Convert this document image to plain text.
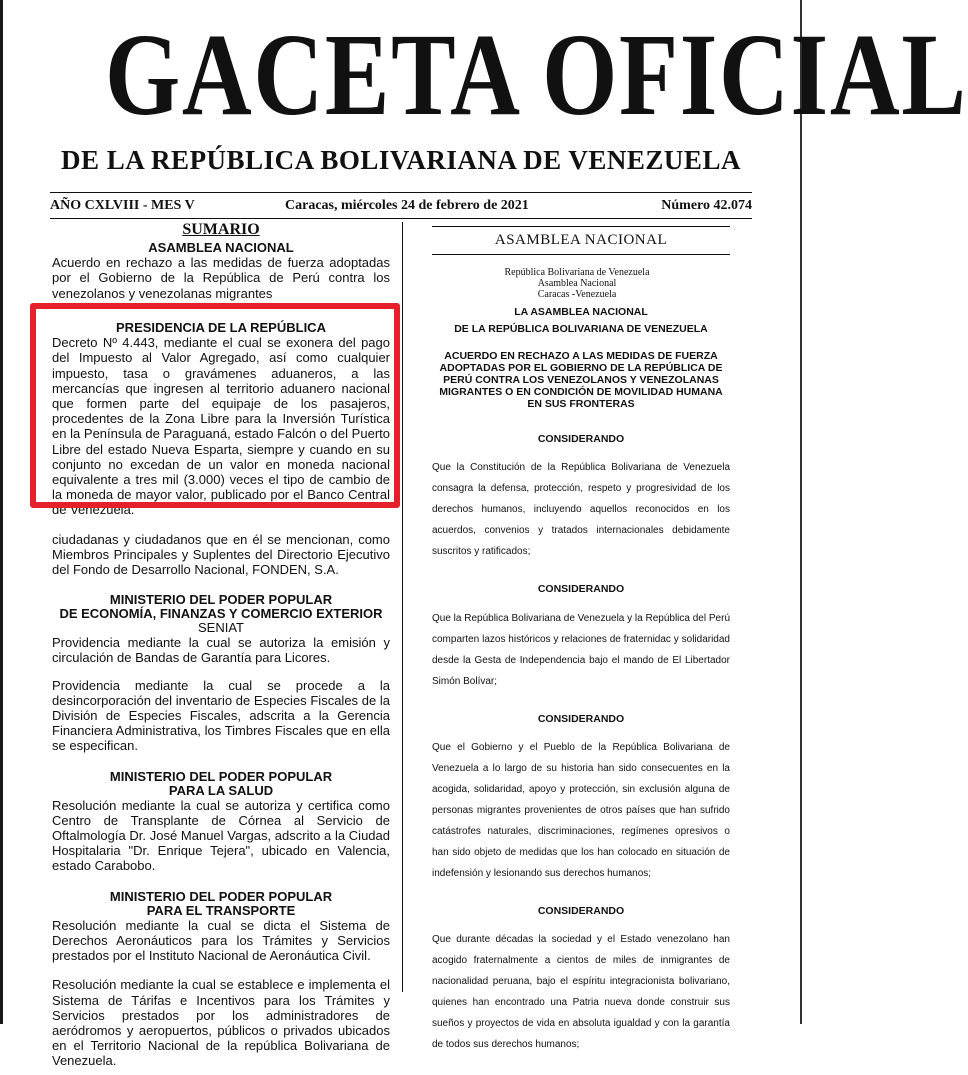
GACETA OFICIAL
DE LA REPÚBLICA BOLIVARIANA DE VENEZUELA
AÑO CXLVIII - MES V	Caracas, miércoles 24 de febrero de 2021	Número 42.074
SUMARIO

ASAMBLEA NACIONAL

Acuerdo en rechazo a las medidas de fuerza adoptadas por el Gobierno de la República de Perú contra los venezolanos y venezolanas migrantes

PRESIDENCIA DE LA REPÚBLICA

Decreto Nº 4.443, mediante el cual se exonera del pago del Impuesto al Valor Agregado, así como cualquier impuesto, tasa o gravámenes aduaneros, a las mercancías que ingresen al territorio aduanero nacional que formen parte del equipaje de los pasajeros, procedentes de la Zona Libre para la Inversión Turística en la Península de Paraguaná, estado Falcón o del Puerto Libre del estado Nueva Esparta, siempre y cuando en su conjunto no excedan de un valor en moneda nacional equivalente a tres mil (3.000) veces el tipo de cambio de la moneda de mayor valor, publicado por el Banco Central de Venezuela.

ciudadanas y ciudadanos que en él se mencionan, como Miembros Principales y Suplentes del Directorio Ejecutivo del Fondo de Desarrollo Nacional, FONDEN, S.A.

MINISTERIO DEL PODER POPULAR

DE ECONOMÍA, FINANZAS Y COMERCIO EXTERIOR

SENIAT

Providencia mediante la cual se autoriza la emisión y circulación de Bandas de Garantía para Licores.

Providencia mediante la cual se procede a la desincorporación del inventario de Especies Fiscales de la División de Especies Fiscales, adscrita a la Gerencia Financiera Administrativa, los Timbres Fiscales que en ella se especifican.

MINISTERIO DEL PODER POPULAR

PARA LA SALUD

Resolución mediante la cual se autoriza y certifica como Centro de Transplante de Córnea al Servicio de Oftalmología Dr. José Manuel Vargas, adscrito a la Ciudad Hospitalaria "Dr. Enrique Tejera", ubicado en Valencia, estado Carabobo.

MINISTERIO DEL PODER POPULAR

PARA EL TRANSPORTE

Resolución mediante la cual se dicta el Sistema de Derechos Aeronáuticos para los Trámites y Servicios prestados por el Instituto Nacional de Aeronáutica Civil.

Resolución mediante la cual se establece e implementa el Sistema de Tárifas e Incentivos para los Trámites y Servicios prestados por los administradores de aeródromos y aeropuertos, públicos o privados ubicados en el Territorio Nacional de la república Bolivariana de Venezuela.

ASAMBLEA NACIONAL
República Bolivariana de Venezuela
Asamblea Nacional
Caracas -Venezuela
LA ASAMBLEA NACIONAL
DE LA REPÚBLICA BOLIVARIANA DE VENEZUELA
ACUERDO EN RECHAZO A LAS MEDIDAS DE FUERZA ADOPTADAS POR EL GOBIERNO DE LA REPÚBLICA DE PERÚ CONTRA LOS VENEZOLANOS Y VENEZOLANAS MIGRANTES O EN CONDICIÓN DE MOVILIDAD HUMANA EN SUS FRONTERAS
CONSIDERANDO

Que la Constitución de la República Bolivariana de Venezuela consagra la defensa, protección, respeto y progresividad de los derechos humanos, incluyendo aquellos reconocidos en los acuerdos, convenios y tratados internacionales debidamente suscritos y ratificados;

CONSIDERANDO

Que la República Bolivariana de Venezuela y la República del Perú comparten lazos históricos y relaciones de fraternidac y solidaridad desde la Gesta de Independencia bajo el mando de El Libertador Simón Bolívar;

CONSIDERANDO

Que el Gobierno y el Pueblo de la República Bolivariana de Venezuela a lo largo de su historia han sido consecuentes en la acogida, solidaridad, apoyo y protección, sin exclusión alguna de personas migrantes provenientes de otros países que han sufrido catástrofes naturales, discriminaciones, regímenes opresivos o han sido objeto de medidas que los han colocado en situación de indefensión y lesionando sus derechos humanos;

CONSIDERANDO

Que durante décadas la sociedad y el Estado venezolano han acogido fraternalmente a cientos de miles de inmigrantes de nacionalidad peruana, bajo el espíritu integracionista bolivariano, quienes han encontrado una Patria nueva donde construir sus sueños y proyectos de vida en absoluta igualdad y con la garantía de todos sus derechos humanos;
